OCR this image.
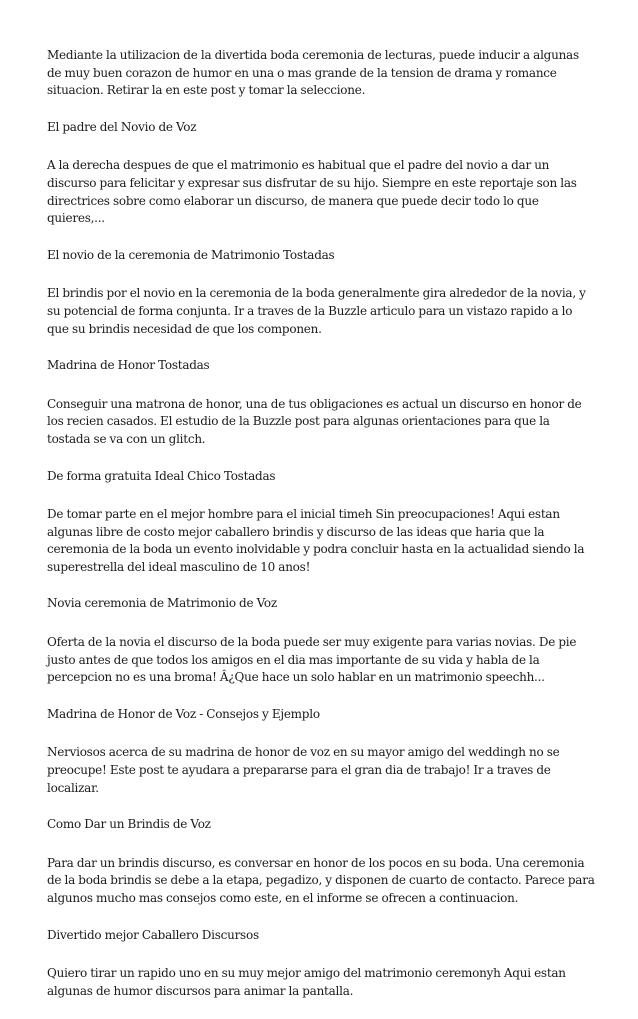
Mediante la utilizacion de la divertida boda ceremonia de lecturas, puede inducir a algunas de muy buen corazon de humor en una o mas grande de la tension de drama y romance situacion. Retirar la en este post y tomar la seleccione.

El padre del Novio de Voz

A la derecha despues de que el matrimonio es habitual que el padre del novio a dar un discurso para felicitar y expresar sus disfrutar de su hijo. Siempre en este reportaje son las directrices sobre como elaborar un discurso, de manera que puede decir todo lo que quieres,...

El novio de la ceremonia de Matrimonio Tostadas

El brindis por el novio en la ceremonia de la boda generalmente gira alrededor de la novia, y su potencial de forma conjunta. Ir a traves de la Buzzle articulo para un vistazo rapido a lo que su brindis necesidad de que los componen.

Madrina de Honor Tostadas

Conseguir una matrona de honor, una de tus obligaciones es actual un discurso en honor de los recien casados. El estudio de la Buzzle post para algunas orientaciones para que la tostada se va con un glitch.

De forma gratuita Ideal Chico Tostadas

De tomar parte en el mejor hombre para el inicial timeh Sin preocupaciones! Aqui estan algunas libre de costo mejor caballero brindis y discurso de las ideas que haria que la ceremonia de la boda un evento inolvidable y podra concluir hasta en la actualidad siendo la superestrella del ideal masculino de 10 anos!

Novia ceremonia de Matrimonio de Voz

Oferta de la novia el discurso de la boda puede ser muy exigente para varias novias. De pie justo antes de que todos los amigos en el dia mas importante de su vida y habla de la percepcion no es una broma! Â¿Que hace un solo hablar en un matrimonio speechh...

Madrina de Honor de Voz - Consejos y Ejemplo

Nerviosos acerca de su madrina de honor de voz en su mayor amigo del weddingh no se preocupe! Este post te ayudara a prepararse para el gran dia de trabajo! Ir a traves de localizar.

Como Dar un Brindis de Voz

Para dar un brindis discurso, es conversar en honor de los pocos en su boda. Una ceremonia de la boda brindis se debe a la etapa, pegadizo, y disponen de cuarto de contacto. Parece para algunos mucho mas consejos como este, en el informe se ofrecen a continuacion.

Divertido mejor Caballero Discursos

Quiero tirar un rapido uno en su muy mejor amigo del matrimonio ceremonyh Aqui estan algunas de humor discursos para animar la pantalla.
